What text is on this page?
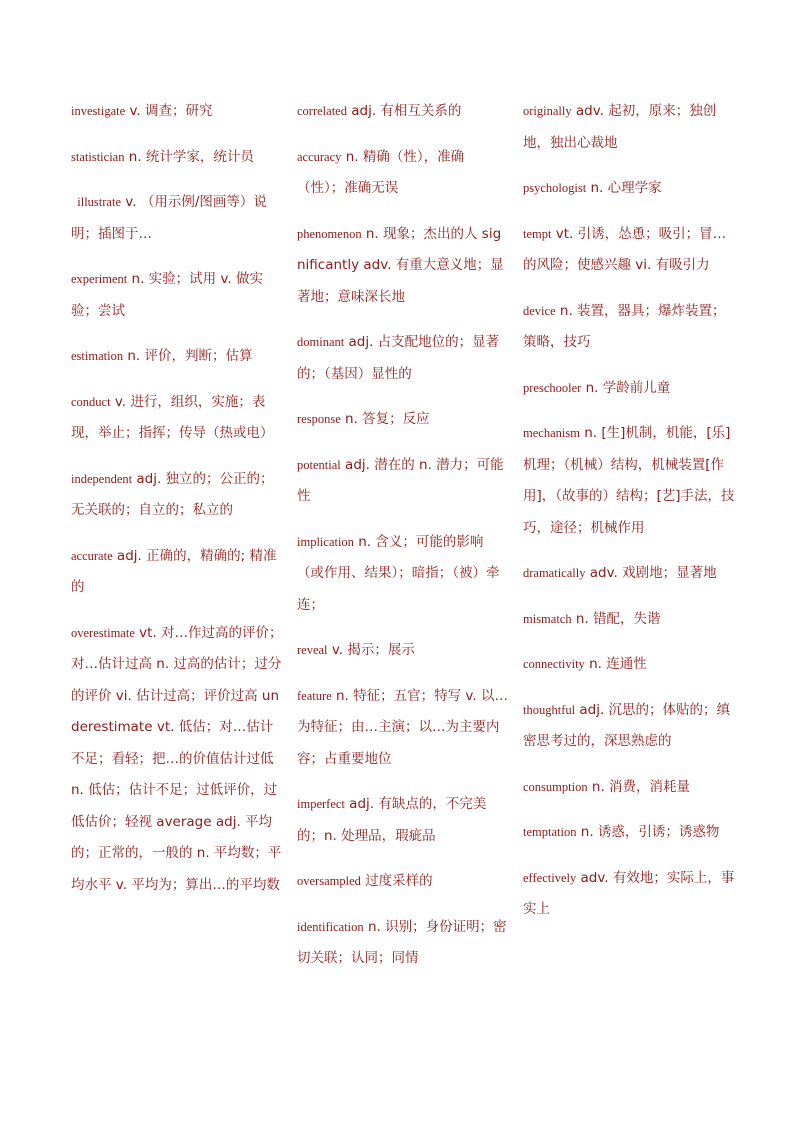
investigate v. 调查；研究
statistician n. 统计学家，统计员
illustrate v. （用示例/图画等）说明；插图于…
experiment n. 实验；试用 v. 做实验；尝试
estimation n. 评价，判断；估算
conduct v. 进行，组织，实施；表现，举止；指挥；传导（热或电）
independent adj. 独立的；公正的；无关联的；自立的；私立的
accurate adj. 正确的，精确的; 精准的
overestimate vt. 对…作过高的评价；对…估计过高 n. 过高的估计；过分的评价 vi. 估计过高；评价过高 underestimate vt. 低估；对…估计不足；看轻；把…的价值估计过低 n. 低估；估计不足；过低评价，过低估价；轻视 average adj. 平均的；正常的，一般的 n. 平均数；平均水平 v. 平均为；算出…的平均数
correlated adj. 有相互关系的
accuracy n. 精确（性），准确（性）；准确无误
phenomenon n. 现象；杰出的人 significantly adv. 有重大意义地；显著地；意味深长地
dominant adj. 占支配地位的；显著的；（基因）显性的
response n. 答复；反应
potential adj. 潜在的 n. 潜力；可能性
implication n. 含义；可能的影响（或作用、结果）；暗指；（被）牵连；
reveal v. 揭示；展示
feature n. 特征；五官；特写 v. 以…为特征；由…主演；以…为主要内容；占重要地位
imperfect adj. 有缺点的，不完美的；n. 处理品，瑕疵品
oversampled 过度采样的
identification n. 识别；身份证明；密切关联；认同；同情
originally adv. 起初，原来；独创地，独出心裁地
psychologist n. 心理学家
tempt vt. 引诱，怂恿；吸引；冒…的风险；使感兴趣 vi. 有吸引力
device n. 装置，器具；爆炸装置；策略，技巧
preschooler n. 学龄前儿童
mechanism n. [生]机制，机能，[乐]机理；（机械）结构，机械装置[作用]，（故事的）结构；[艺]手法，技巧，途径；机械作用
dramatically adv. 戏剧地；显著地
mismatch n. 错配，失谐
connectivity n. 连通性
thoughtful adj. 沉思的；体贴的；缜密思考过的，深思熟虑的
consumption n. 消费，消耗量
temptation n. 诱惑，引诱；诱惑物
effectively adv. 有效地；实际上，事实上
